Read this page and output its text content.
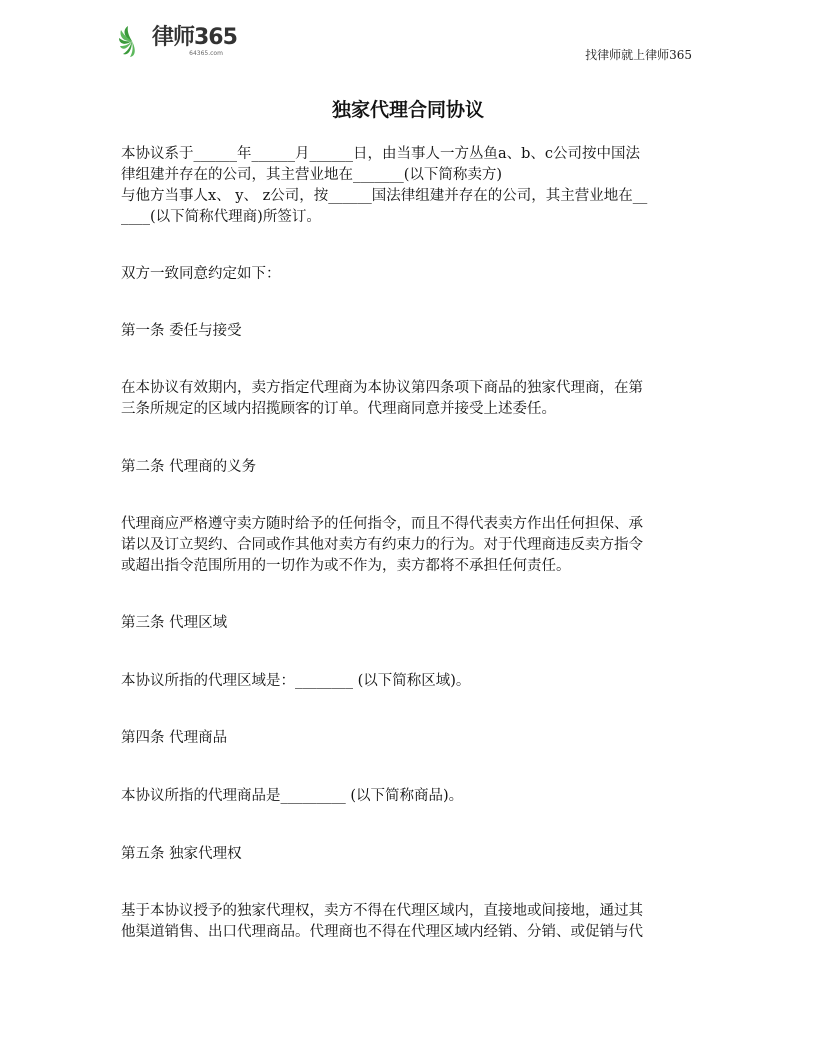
律师365
64365.com	找律师就上律师365
独家代理合同协议
本协议系于______年______月______日，由当事人一方丛鱼a、b、c公司按中国法
律组建并存在的公司，其主营业地在_______(以下简称卖方)
与他方当事人x、 y、 z公司，按______国法律组建并存在的公司，其主营业地在__
____(以下简称代理商)所签订。
双方一致同意约定如下：
第一条 委任与接受
在本协议有效期内，卖方指定代理商为本协议第四条项下商品的独家代理商，在第
三条所规定的区域内招揽顾客的订单。代理商同意并接受上述委任。
第二条 代理商的义务
代理商应严格遵守卖方随时给予的任何指令，而且不得代表卖方作出任何担保、承
诺以及订立契约、合同或作其他对卖方有约束力的行为。对于代理商违反卖方指令
或超出指令范围所用的一切作为或不作为，卖方都将不承担任何责任。
第三条 代理区域
本协议所指的代理区域是：________ (以下简称区域)。
第四条 代理商品
本协议所指的代理商品是_________ (以下简称商品)。
第五条 独家代理权
基于本协议授予的独家代理权，卖方不得在代理区域内，直接地或间接地，通过其
他渠道销售、出口代理商品。代理商也不得在代理区域内经销、分销、或促销与代
